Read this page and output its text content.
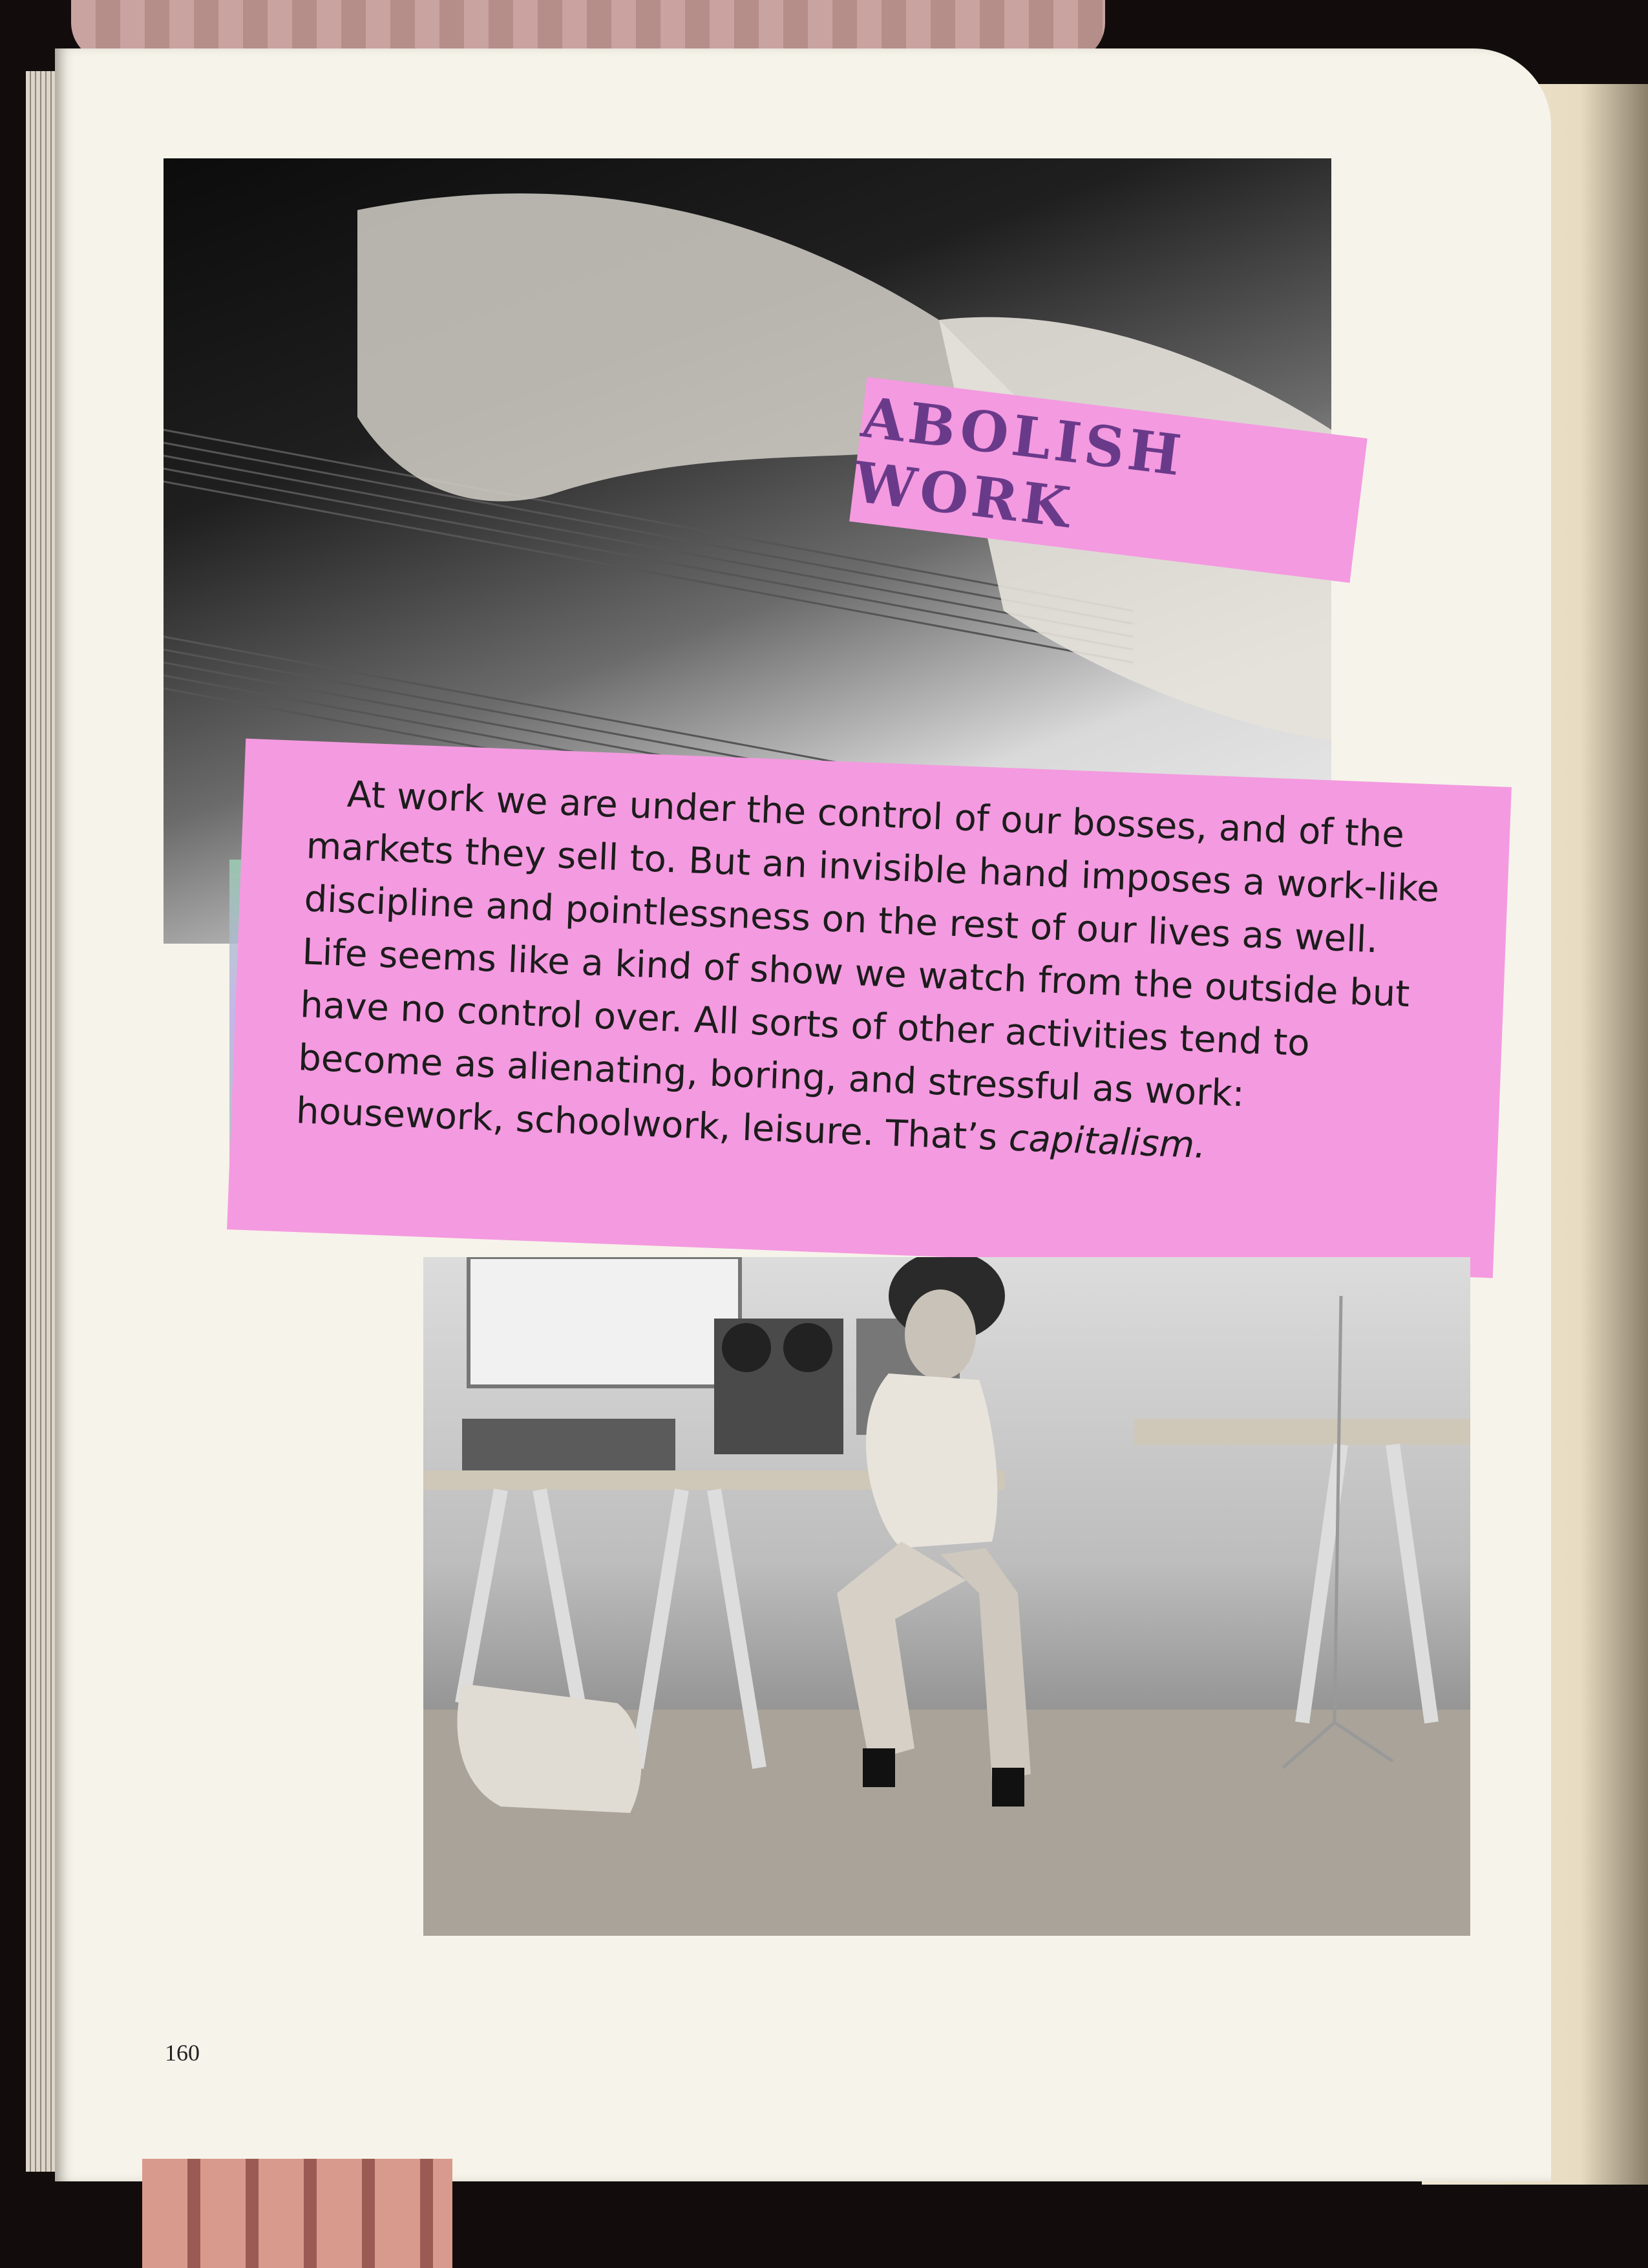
ABOLISH WORK

At work we are under the control of our bosses, and of the markets they sell to. But an invisible hand imposes a work-like discipline and pointlessness on the rest of our lives as well. Life seems like a kind of show we watch from the outside but have no control over. All sorts of other activities tend to become as alienating, boring, and stressful as work: housework, schoolwork, leisure. That’s capitalism.

160
